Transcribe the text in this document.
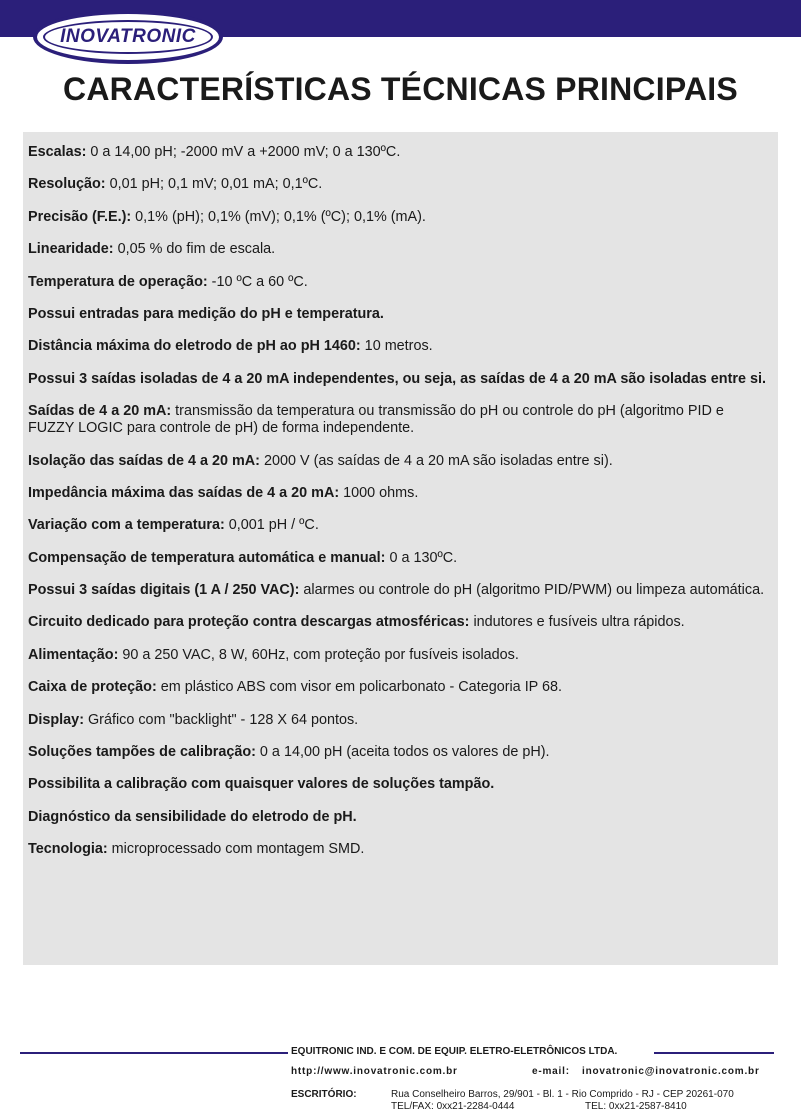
INOVATRONIC
CARACTERÍSTICAS TÉCNICAS PRINCIPAIS
Escalas: 0 a 14,00 pH; -2000 mV a +2000 mV; 0 a 130ºC.
Resolução: 0,01 pH; 0,1 mV; 0,01 mA; 0,1ºC.
Precisão (F.E.): 0,1% (pH); 0,1% (mV); 0,1% (ºC); 0,1% (mA).
Linearidade: 0,05 % do fim de escala.
Temperatura de operação: -10 ºC a 60 ºC.
Possui entradas para medição do pH e temperatura.
Distância máxima do eletrodo de pH ao pH 1460: 10 metros.
Possui 3 saídas isoladas de 4 a 20 mA independentes, ou seja, as saídas de 4 a 20 mA são isoladas entre si.
Saídas de 4 a 20 mA: transmissão da temperatura ou transmissão do pH ou controle do pH (algoritmo PID e FUZZY LOGIC para controle de pH) de forma independente.
Isolação das saídas de 4 a 20 mA: 2000 V (as saídas de 4 a 20 mA são isoladas entre si).
Impedância máxima das saídas de 4 a 20 mA: 1000 ohms.
Variação com a temperatura: 0,001 pH / ºC.
Compensação de temperatura automática e manual: 0 a 130ºC.
Possui 3 saídas digitais (1 A / 250 VAC): alarmes ou controle do pH (algoritmo PID/PWM) ou limpeza automática.
Circuito dedicado para proteção contra descargas atmosféricas: indutores e fusíveis ultra rápidos.
Alimentação: 90 a 250 VAC, 8 W, 60Hz, com proteção por fusíveis isolados.
Caixa de proteção: em plástico ABS com visor em policarbonato - Categoria IP 68.
Display: Gráfico com "backlight" - 128 X 64 pontos.
Soluções tampões de calibração: 0 a 14,00 pH (aceita todos os valores de pH).
Possibilita a calibração com quaisquer valores de soluções tampão.
Diagnóstico da sensibilidade do eletrodo de pH.
Tecnologia: microprocessado com montagem SMD.
EQUITRONIC IND. E COM. DE EQUIP. ELETRO-ELETRÔNICOS LTDA.
http://www.inovatronic.com.br	e-mail: inovatronic@inovatronic.com.br
ESCRITÓRIO:	Rua Conselheiro Barros, 29/901 - Bl. 1 - Rio Comprido - RJ - CEP 20261-070
TEL/FAX: 0xx21-2284-0444	TEL: 0xx21-2587-8410
